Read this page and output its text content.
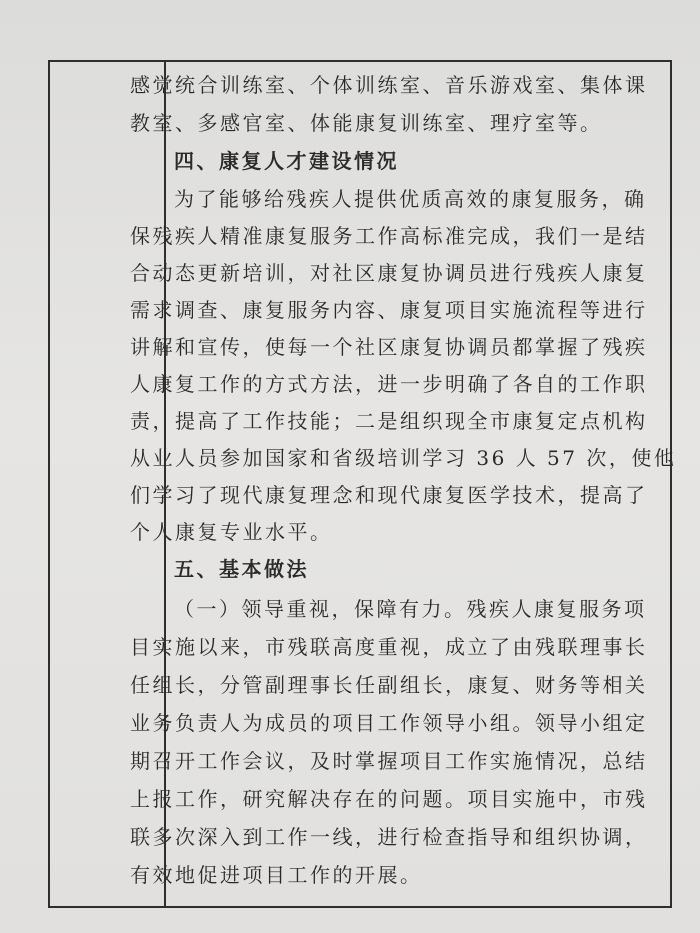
感觉统合训练室、个体训练室、音乐游戏室、集体课
教室、多感官室、体能康复训练室、理疗室等。
四、康复人才建设情况
为了能够给残疾人提供优质高效的康复服务，确
保残疾人精准康复服务工作高标准完成，我们一是结
合动态更新培训，对社区康复协调员进行残疾人康复
需求调查、康复服务内容、康复项目实施流程等进行
讲解和宣传，使每一个社区康复协调员都掌握了残疾
人康复工作的方式方法，进一步明确了各自的工作职
责，提高了工作技能；二是组织现全市康复定点机构
从业人员参加国家和省级培训学习 36 人 57 次，使他
们学习了现代康复理念和现代康复医学技术，提高了
个人康复专业水平。
五、基本做法
（一）领导重视，保障有力。残疾人康复服务项
目实施以来，市残联高度重视，成立了由残联理事长
任组长，分管副理事长任副组长，康复、财务等相关
业务负责人为成员的项目工作领导小组。领导小组定
期召开工作会议，及时掌握项目工作实施情况，总结
上报工作，研究解决存在的问题。项目实施中，市残
联多次深入到工作一线，进行检查指导和组织协调，
有效地促进项目工作的开展。
